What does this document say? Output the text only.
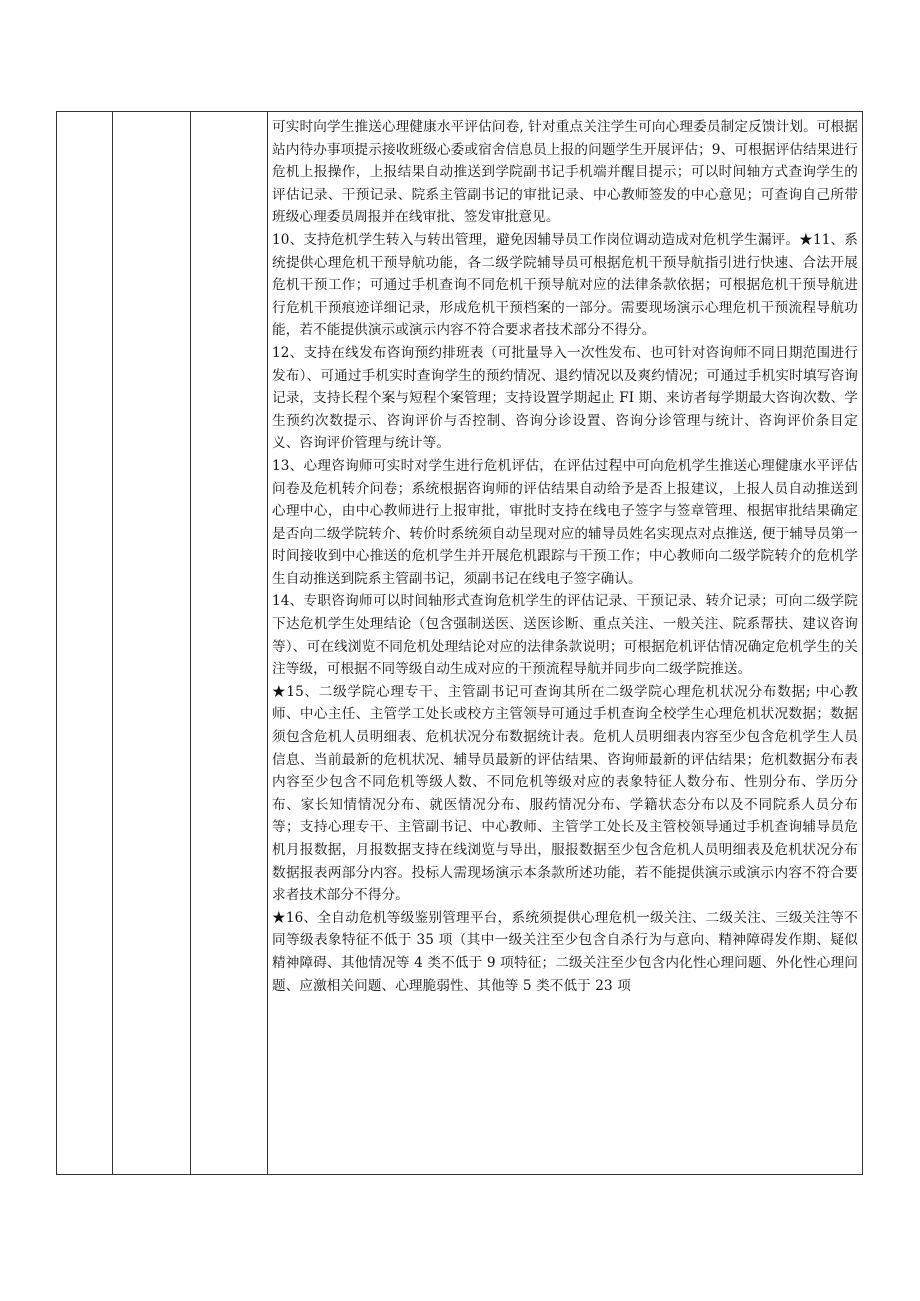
可实时向学生推送心理健康水平评估问卷, 针对重点关注学生可向心理委员制定反馈计划。可根据站内待办事项提示接收班级心委或宿舍信息员上报的问题学生开展评估；9、可根据评估结果进行危机上报操作，上报结果自动推送到学院副书记手机端并醒目提示；可以时间轴方式查询学生的评估记录、干预记录、院系主管副书记的审批记录、中心教师签发的中心意见；可查询自己所带班级心理委员周报并在线审批、签发审批意见。

10、支持危机学生转入与转出管理，避免因辅导员工作岗位调动造成对危机学生漏评。★11、系统提供心理危机干预导航功能，各二级学院辅导员可根据危机干预导航指引进行快速、合法开展危机干预工作；可通过手机查询不同危机干预导航对应的法律条款依据；可根据危机干预导航进行危机干预痕迹详细记录，形成危机干预档案的一部分。需要现场演示心理危机干预流程导航功能，若不能提供演示或演示内容不符合要求者技术部分不得分。

12、支持在线发布咨询预约排班表（可批量导入一次性发布、也可针对咨询师不同日期范围进行发布）、可通过手机实时查询学生的预约情况、退约情况以及爽约情况；可通过手机实时填写咨询记录，支持长程个案与短程个案管理；支持设置学期起止 FI 期、来访者每学期最大咨询次数、学生预约次数提示、咨询评价与否控制、咨询分诊设置、咨询分诊管理与统计、咨询评价条目定义、咨询评价管理与统计等。

13、心理咨询师可实时对学生进行危机评估，在评估过程中可向危机学生推送心理健康水平评估问卷及危机转介问卷；系统根据咨询师的评估结果自动给予是否上报建议，上报人员自动推送到心理中心，由中心教师进行上报审批，审批时支持在线电子签字与签章管理、根据审批结果确定是否向二级学院转介、转价时系统须自动呈现对应的辅导员姓名实现点对点推送, 便于辅导员第一时间接收到中心推送的危机学生并开展危机跟踪与干预工作；中心教师向二级学院转介的危机学生自动推送到院系主管副书记，须副书记在线电子签字确认。

14、专职咨询师可以时间轴形式查询危机学生的评估记录、干预记录、转介记录；可向二级学院下达危机学生处理结论（包含强制送医、送医诊断、重点关注、一般关注、院系帮扶、建议咨询等）、可在线浏览不同危机处理结论对应的法律条款说明；可根据危机评估情况确定危机学生的关注等级，可根据不同等级自动生成对应的干预流程导航并同步向二级学院推送。

★15、二级学院心理专干、主管副书记可查询其所在二级学院心理危机状况分布数据; 中心教师、中心主任、主管学工处长或校方主管领导可通过手机查询全校学生心理危机状况数据；数据须包含危机人员明细表、危机状况分布数据统计表。危机人员明细表内容至少包含危机学生人员信息、当前最新的危机状况、辅导员最新的评估结果、咨询师最新的评估结果；危机数据分布表内容至少包含不同危机等级人数、不同危机等级对应的表象特征人数分布、性别分布、学历分布、家长知情情况分布、就医情况分布、服药情况分布、学籍状态分布以及不同院系人员分布等；支持心理专干、主管副书记、中心教师、主管学工处长及主管校领导通过手机查询辅导员危机月报数据，月报数据支持在线浏览与导出，服报数据至少包含危机人员明细表及危机状况分布数据报表两部分内容。投标人需现场演示本条款所述功能，若不能提供演示或演示内容不符合要求者技术部分不得分。

★16、全自动危机等级鉴别管理平台，系统须提供心理危机一级关注、二级关注、三级关注等不同等级表象特征不低于 35 项（其中一级关注至少包含自杀行为与意向、精神障碍发作期、疑似精神障碍、其他情况等 4 类不低于 9 项特征；二级关注至少包含内化性心理问题、外化性心理问题、应激相关问题、心理脆弱性、其他等 5 类不低于 23 项
